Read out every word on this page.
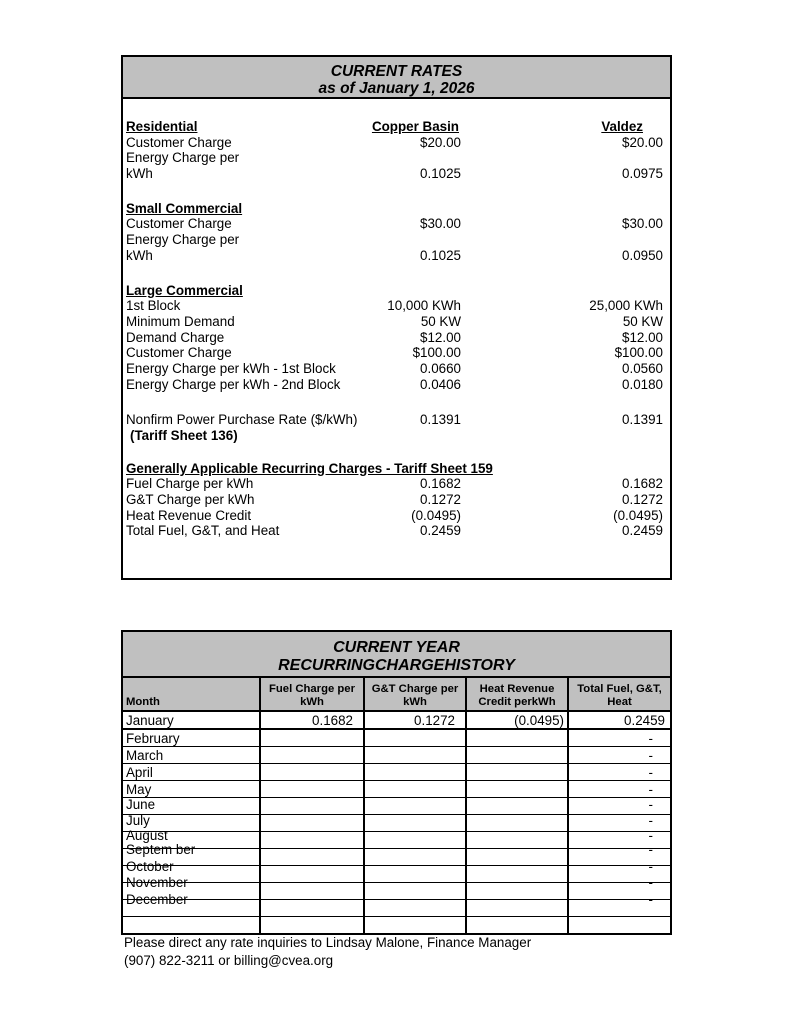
CURRENT RATES
as of January 1, 2026
Residential	Copper Basin	Valdez
Customer Charge	$20.00	$20.00
Energy Charge per
kWh	0.1025	0.0975
Small Commercial
Customer Charge	$30.00	$30.00
Energy Charge per
kWh	0.1025	0.0950
Large Commercial
1st Block	10,000 KWh	25,000 KWh
Minimum Demand	50 KW	50 KW
Demand Charge	$12.00	$12.00
Customer Charge	$100.00	$100.00
Energy Charge per kWh - 1st Block	0.0660	0.0560
Energy Charge per kWh - 2nd Block	0.0406	0.0180
Nonfirm Power Purchase Rate ($/kWh)	0.1391	0.1391
(Tariff Sheet 136)
Generally Applicable Recurring Charges - Tariff Sheet 159
Fuel Charge per kWh	0.1682	0.1682
G&T Charge per kWh	0.1272	0.1272
Heat Revenue Credit	(0.0495)	(0.0495)
Total Fuel, G&T, and Heat	0.2459	0.2459
CURRENT YEAR
RECURRINGCHARGEHISTORY
Month	Fuel Charge per kWh	G&T Charge per kWh	Heat Revenue Credit perkWh	Total Fuel, G&T, Heat
January	0.1682	0.1272	(0.0495)	0.2459
February				-
March				-
April				-
May				-
June				-
July				-
August				-
Septem ber				-
October				-
November				-
December				-

Please direct any rate inquiries to Lindsay Malone, Finance Manager
(907) 822-3211 or billing@cvea.org
